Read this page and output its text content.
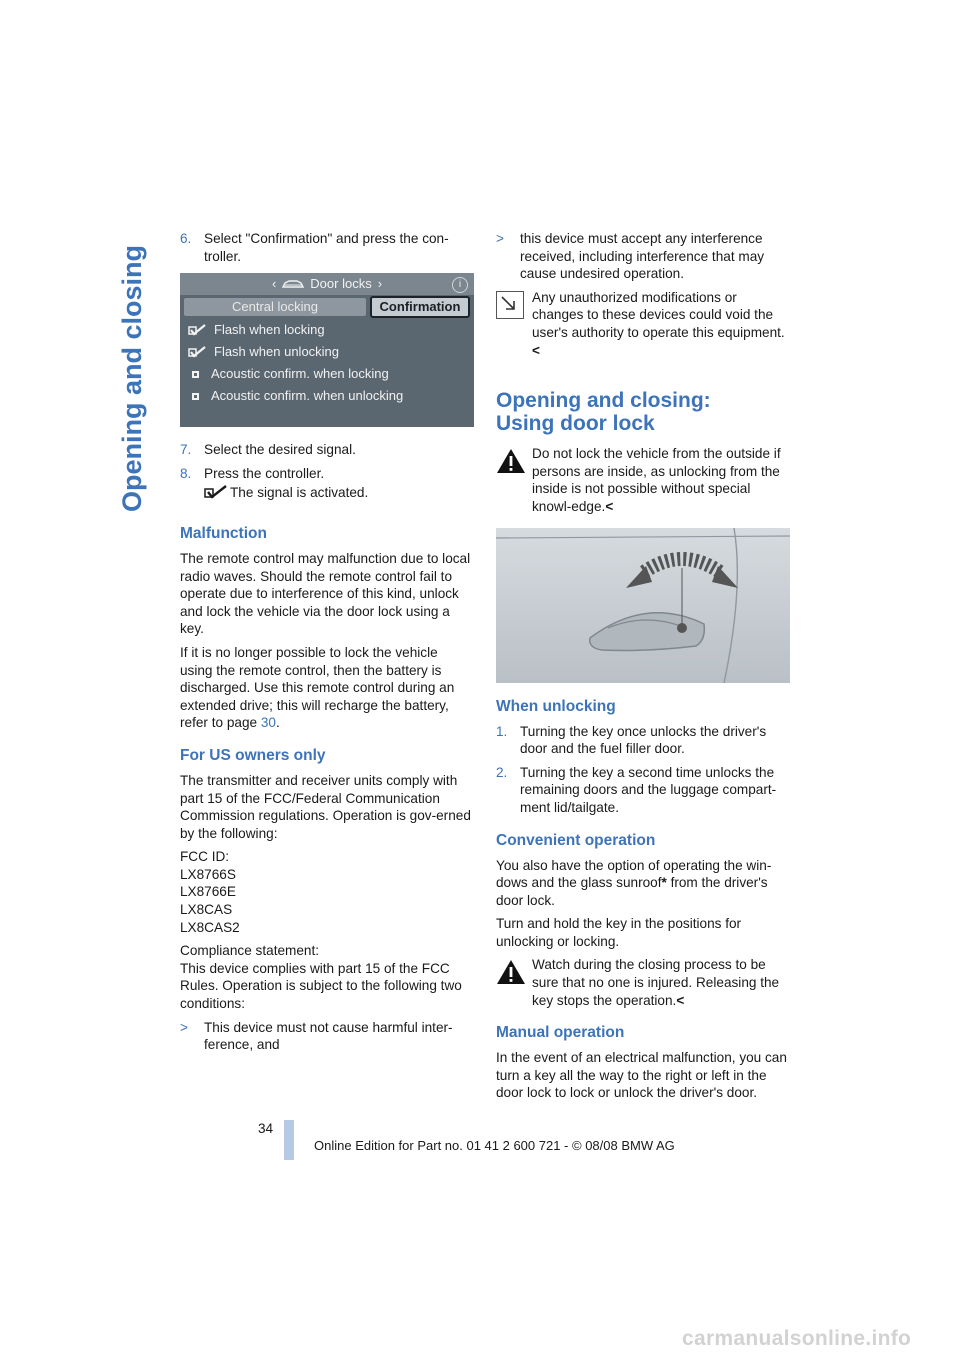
Opening and closing
6. Select "Confirmation" and press the con-troller.
‹	Door locks ›	i
Central locking	Confirmation
Flash when locking
Flash when unlocking
Acoustic confirm. when locking
Acoustic confirm. when unlocking
7. Select the desired signal.
8. Press the controller.
The signal is activated.
Malfunction

The remote control may malfunction due to local radio waves. Should the remote control fail to operate due to interference of this kind, unlock and lock the vehicle via the door lock using a key.

If it is no longer possible to lock the vehicle using the remote control, then the battery is discharged. Use this remote control during an extended drive; this will recharge the battery, refer to page 30.

For US owners only

The transmitter and receiver units comply with part 15 of the FCC/Federal Communication Commission regulations. Operation is gov-erned by the following:

FCC ID:
LX8766S
LX8766E
LX8CAS
LX8CAS2

Compliance statement:
This device complies with part 15 of the FCC Rules. Operation is subject to the following two conditions:

>	This device must not cause harmful inter-ference, and
>	this device must accept any interference received, including interference that may cause undesired operation.
Any unauthorized modifications or changes to these devices could void the user's authority to operate this equipment.<
Opening and closing:
Using door lock
Do not lock the vehicle from the outside if persons are inside, as unlocking from the inside is not possible without special knowl-edge.<
When unlocking
1. Turning the key once unlocks the driver's door and the fuel filler door.
2. Turning the key a second time unlocks the remaining doors and the luggage compart-ment lid/tailgate.
Convenient operation

You also have the option of operating the win-dows and the glass sunroof* from the driver's door lock.

Turn and hold the key in the positions for unlocking or locking.

Watch during the closing process to be sure that no one is injured. Releasing the key stops the operation.<
Manual operation

In the event of an electrical malfunction, you can turn a key all the way to the right or left in the door lock to lock or unlock the driver's door.

34
Online Edition for Part no. 01 41 2 600 721 - © 08/08 BMW AG
carmanualsonline.info
